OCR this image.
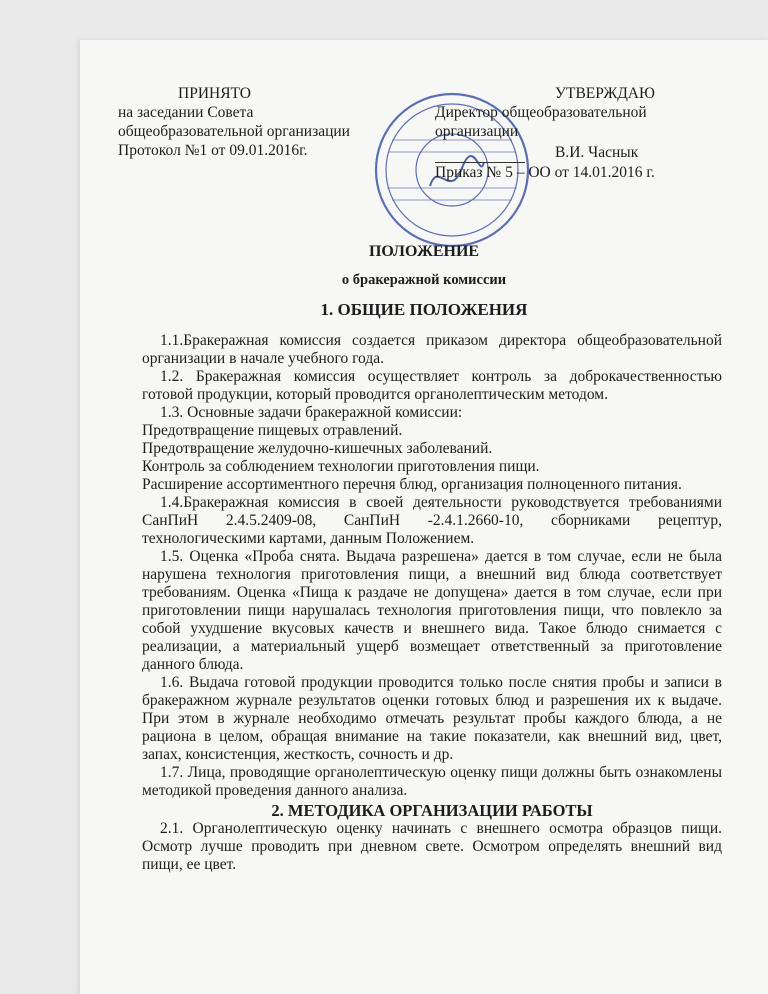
ПРИНЯТО
на заседании Совета
общеобразовательной организации
Протокол №1 от 09.01.2016г.
УТВЕРЖДАЮ
Директор общеобразовательной
организации
В.И. Часнык
Приказ № 5 – ОО от 14.01.2016 г.
ПОЛОЖЕНИЕ
о бракеражной комиссии
1. ОБЩИЕ ПОЛОЖЕНИЯ

1.1.Бракеражная комиссия создается приказом директора общеобразовательной организации в начале учебного года.

1.2. Бракеражная комиссия осуществляет контроль за доброкачественностью готовой продукции, который проводится органолептическим методом.

1.3. Основные задачи бракеражной комиссии:

Предотвращение пищевых отравлений.

Предотвращение желудочно-кишечных заболеваний.

Контроль за соблюдением технологии приготовления пищи.

Расширение ассортиментного перечня блюд, организация полноценного питания.

1.4.Бракеражная комиссия в своей деятельности руководствуется требованиями СанПиН 2.4.5.2409-08, СанПиН -2.4.1.2660-10, сборниками рецептур, технологическими картами, данным Положением.

1.5. Оценка «Проба снята. Выдача разрешена» дается в том случае, если не была нарушена технология приготовления пищи, а внешний вид блюда соответствует требованиям. Оценка «Пища к раздаче не допущена» дается в том случае, если при приготовлении пищи нарушалась технология приготовления пищи, что повлекло за собой ухудшение вкусовых качеств и внешнего вида. Такое блюдо снимается с реализации, а материальный ущерб возмещает ответственный за приготовление данного блюда.

1.6. Выдача готовой продукции проводится только после снятия пробы и записи в бракеражном журнале результатов оценки готовых блюд и разрешения их к выдаче. При этом в журнале необходимо отмечать результат пробы каждого блюда, а не рациона в целом, обращая внимание на такие показатели, как внешний вид, цвет, запах, консистенция, жесткость, сочность и др.

1.7. Лица, проводящие органолептическую оценку пищи должны быть ознакомлены методикой проведения данного анализа.

2. МЕТОДИКА ОРГАНИЗАЦИИ РАБОТЫ

2.1. Органолептическую оценку начинать с внешнего осмотра образцов пищи. Осмотр лучше проводить при дневном свете. Осмотром определять внешний вид пищи, ее цвет.
